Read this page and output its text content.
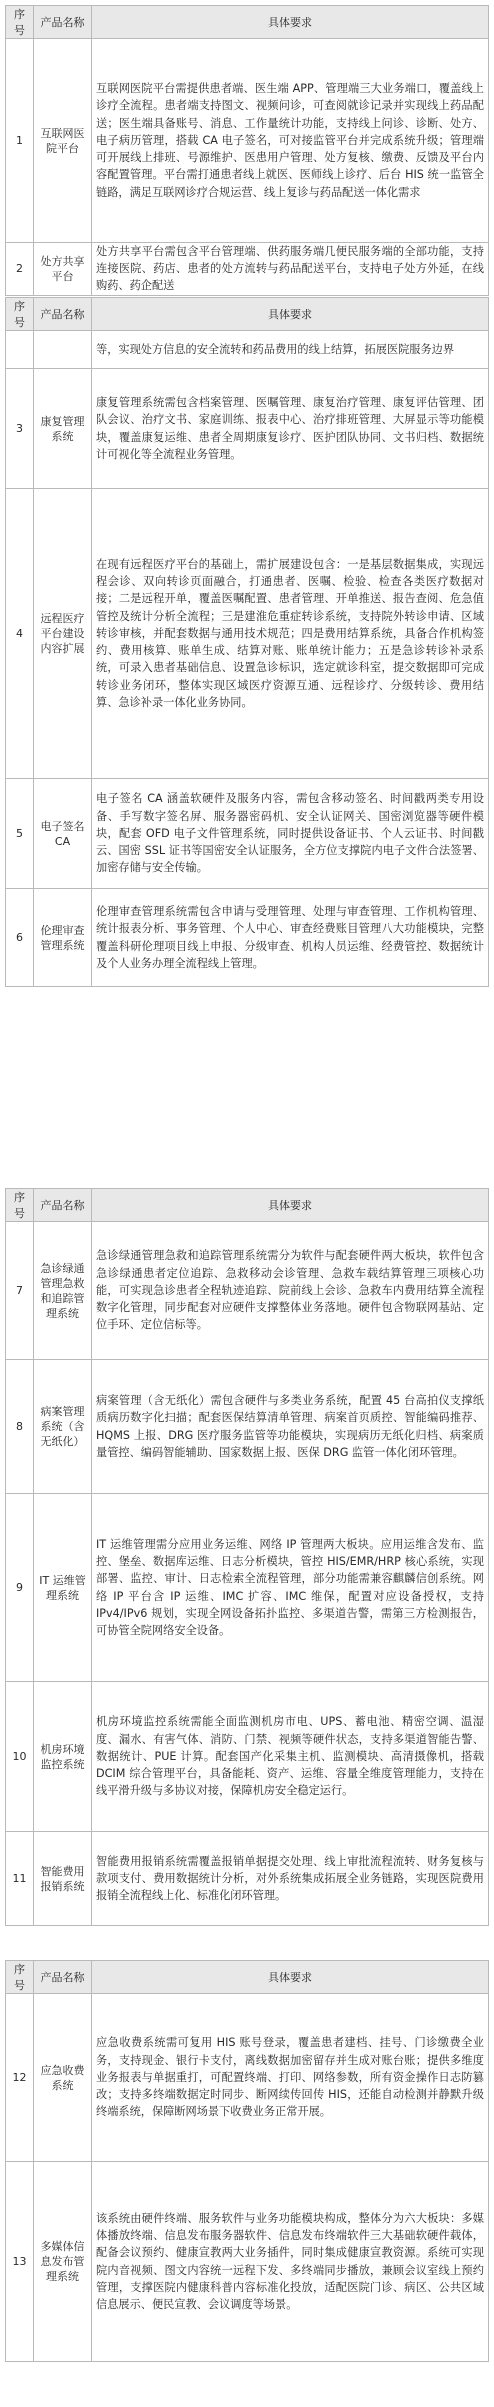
序号	产品名称	具体要求
1	互联网医院平台	互联网医院平台需提供患者端、医生端 APP、管理端三大业务端口，覆盖线上诊疗全流程。患者端支持图文、视频问诊，可查阅就诊记录并实现线上药品配送；医生端具备账号、消息、工作量统计功能，支持线上问诊、诊断、处方、电子病历管理，搭载 CA 电子签名，可对接监管平台并完成系统升级；管理端可开展线上排班、号源维护、医患用户管理、处方复核、缴费、反馈及平台内容配置管理。平台需打通患者线上就医、医师线上诊疗、后台 HIS 统一监管全链路，满足互联网诊疗合规运营、线上复诊与药品配送一体化需求
2	处方共享平台	处方共享平台需包含平台管理端、供药服务端几便民服务端的全部功能，支持连接医院、药店、患者的处方流转与药品配送平台，支持电子处方外延，在线购药、药企配送
序号	产品名称	具体要求
		等，实现处方信息的安全流转和药品费用的线上结算，拓展医院服务边界
3	康复管理系统	康复管理系统需包含档案管理、医嘱管理、康复治疗管理、康复评估管理、团队会议、治疗文书、家庭训练、报表中心、治疗排班管理、大屏显示等功能模块，覆盖康复运维、患者全周期康复诊疗、医护团队协同、文书归档、数据统计可视化等全流程业务管理。
4	远程医疗平台建设内容扩展	在现有远程医疗平台的基础上，需扩展建设包含：一是基层数据集成，实现远程会诊、双向转诊页面融合，打通患者、医嘱、检验、检查各类医疗数据对接；二是远程开单，覆盖医嘱配置、患者管理、开单推送、报告查阅、危急值管控及统计分析全流程；三是建淮危重症转诊系统，支持院外转诊申请、区域转诊审核，并配套数据与通用技术规范；四是费用结算系统，具备合作机构签约、费用核算、账单生成、结算对账、账单统计能力；五是急诊转诊补录系统，可录入患者基础信息、设置急诊标识，选定就诊科室，提交数据即可完成转诊业务闭环，整体实现区域医疗资源互通、远程诊疗、分级转诊、费用结算、急诊补录一体化业务协同。
5	电子签名 CA	电子签名 CA 涵盖软硬件及服务内容，需包含移动签名、时间戳两类专用设备、手写数字签名屏、服务器密码机、安全认证网关、国密浏览器等硬件模块，配套 OFD 电子文件管理系统，同时提供设备证书、个人云证书、时间戳云、国密 SSL 证书等国密安全认证服务，全方位支撑院内电子文件合法签署、加密存储与安全传输。
6	伦理审查管理系统	伦理审查管理系统需包含申请与受理管理、处理与审查管理、工作机构管理、统计报表分析、事务管理、个人中心、审查经费账目管理八大功能模块，完整覆盖科研伦理项目线上申报、分级审查、机构人员运维、经费管控、数据统计及个人业务办理全流程线上管理。
序号	产品名称	具体要求
7	急诊绿通管理急救和追踪管理系统	急诊绿通管理急救和追踪管理系统需分为软件与配套硬件两大板块，软件包含急诊绿通患者定位追踪、急救移动会诊管理、急救车载结算管理三项核心功能，可实现急诊患者全程轨迹追踪、院前线上会诊、急救车内费用结算全流程数字化管理，同步配套对应硬件支撑整体业务落地。硬件包含物联网基站、定位手环、定位信标等。
8	病案管理系统（含无纸化）	病案管理（含无纸化）需包含硬件与多类业务系统，配置 45 台高拍仪支撑纸质病历数字化扫描；配套医保结算清单管理、病案首页质控、智能编码推荐、HQMS 上报、DRG 医疗服务监管等功能模块，实现病历无纸化归档、病案质量管控、编码智能辅助、国家数据上报、医保 DRG 监管一体化闭环管理。
9	IT 运维管理系统	IT 运维管理需分应用业务运维、网络 IP 管理两大板块。应用运维含发布、监控、堡垒、数据库运维、日志分析模块，管控 HIS/EMR/HRP 核心系统，实现部署、监控、审计、日志检索全流程管理，部分功能需兼容麒麟信创系统。网络 IP 平台含 IP 运维、IMC 扩容、IMC 维保，配置对应设备授权，支持 IPv4/IPv6 规划，实现全网设备拓扑监控、多渠道告警，需第三方检测报告，可协管全院网络安全设备。
10	机房环境监控系统	机房环境监控系统需能全面监测机房市电、UPS、蓄电池、精密空调、温湿度、漏水、有害气体、消防、门禁、视频等硬件状态，支持多渠道智能告警、数据统计、PUE 计算。配套国产化采集主机、监测模块、高清摄像机，搭载 DCIM 综合管理平台，具备能耗、资产、运维、容量全维度管理能力，支持在线平滑升级与多协议对接，保障机房安全稳定运行。
11	智能费用报销系统	智能费用报销系统需覆盖报销单据提交处理、线上审批流程流转、财务复核与款项支付、费用数据统计分析，对外系统集成拓展全业务链路，实现医院费用报销全流程线上化、标准化闭环管理。
序号	产品名称	具体要求
12	应急收费系统	应急收费系统需可复用 HIS 账号登录，覆盖患者建档、挂号、门诊缴费全业务，支持现金、银行卡支付，离线数据加密留存并生成对账台账；提供多维度业务报表与单据重打，可配置终端、打印、网络参数，所有资金操作日志防篡改；支持多终端数据定时同步、断网续传回传 HIS，还能自动检测并静默升级终端系统，保障断网场景下收费业务正常开展。
13	多媒体信息发布管理系统	该系统由硬件终端、服务软件与业务功能模块构成，整体分为六大板块：多媒体播放终端、信息发布服务器软件、信息发布终端软件三大基础软硬件载体，配备会议预约、健康宣教两大业务插件，同时集成健康宣教资源。系统可实现院内音视频、图文内容统一远程下发、多终端同步播放，兼顾会议室线上预约管理，支撑医院内健康科普内容标准化投放，适配医院门诊、病区、公共区域信息展示、便民宣教、会议调度等场景。
